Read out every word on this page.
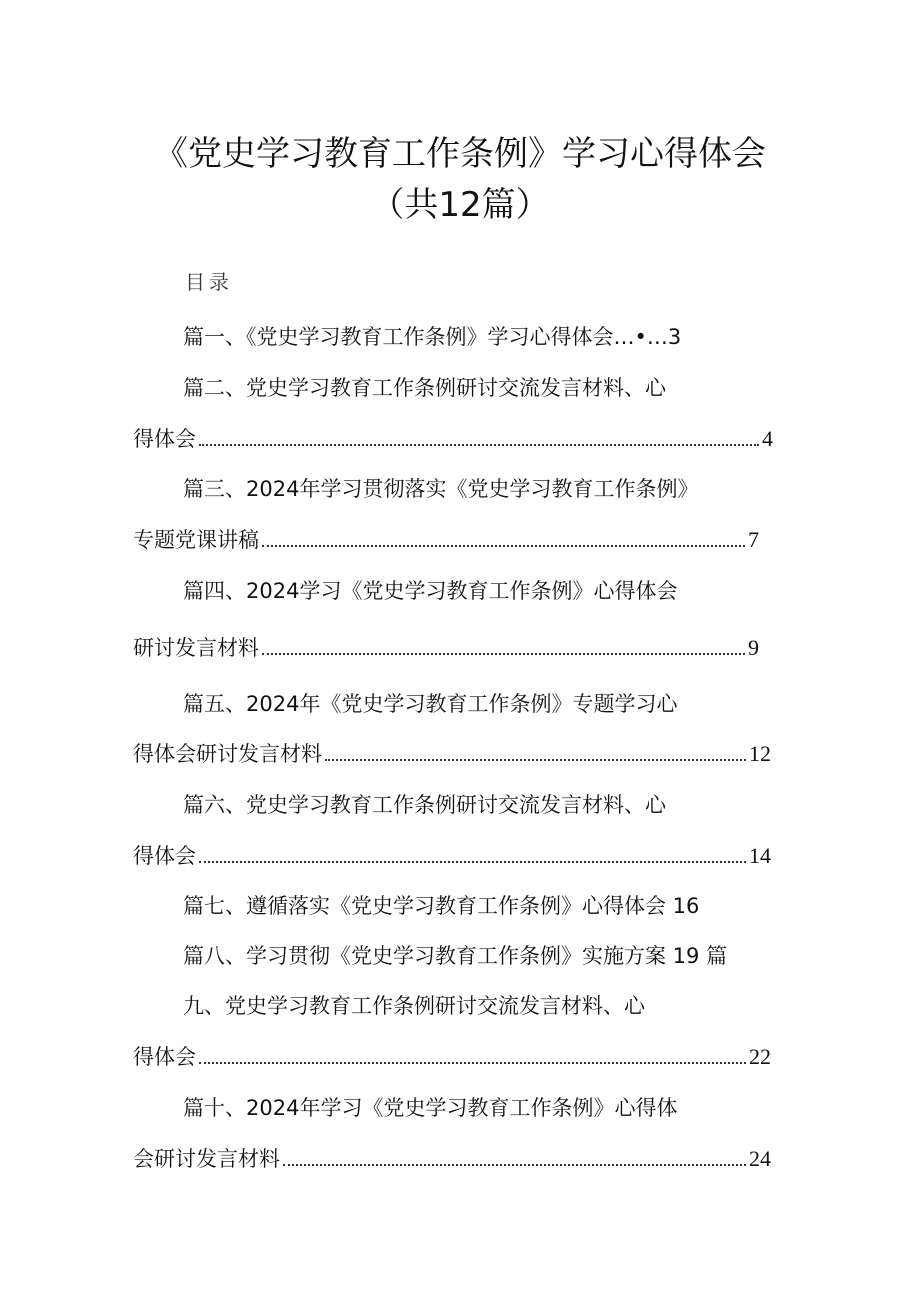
《党史学习教育工作条例》学习心得体会
（共12篇）
目录
篇一、《党史学习教育工作条例》学习心得体会…•…3
篇二、党史学习教育工作条例研讨交流发言材料、心
得体会	4
篇三、2024年学习贯彻落实《党史学习教育工作条例》
专题党课讲稿	7
篇四、2024学习《党史学习教育工作条例》心得体会
研讨发言材料	9
篇五、2024年《党史学习教育工作条例》专题学习心
得体会研讨发言材料	12
篇六、党史学习教育工作条例研讨交流发言材料、心
得体会	14
篇七、遵循落实《党史学习教育工作条例》心得体会 16
篇八、学习贯彻《党史学习教育工作条例》实施方案 19 篇
九、党史学习教育工作条例研讨交流发言材料、心
得体会	22
篇十、2024年学习《党史学习教育工作条例》心得体
会研讨发言材料	24
